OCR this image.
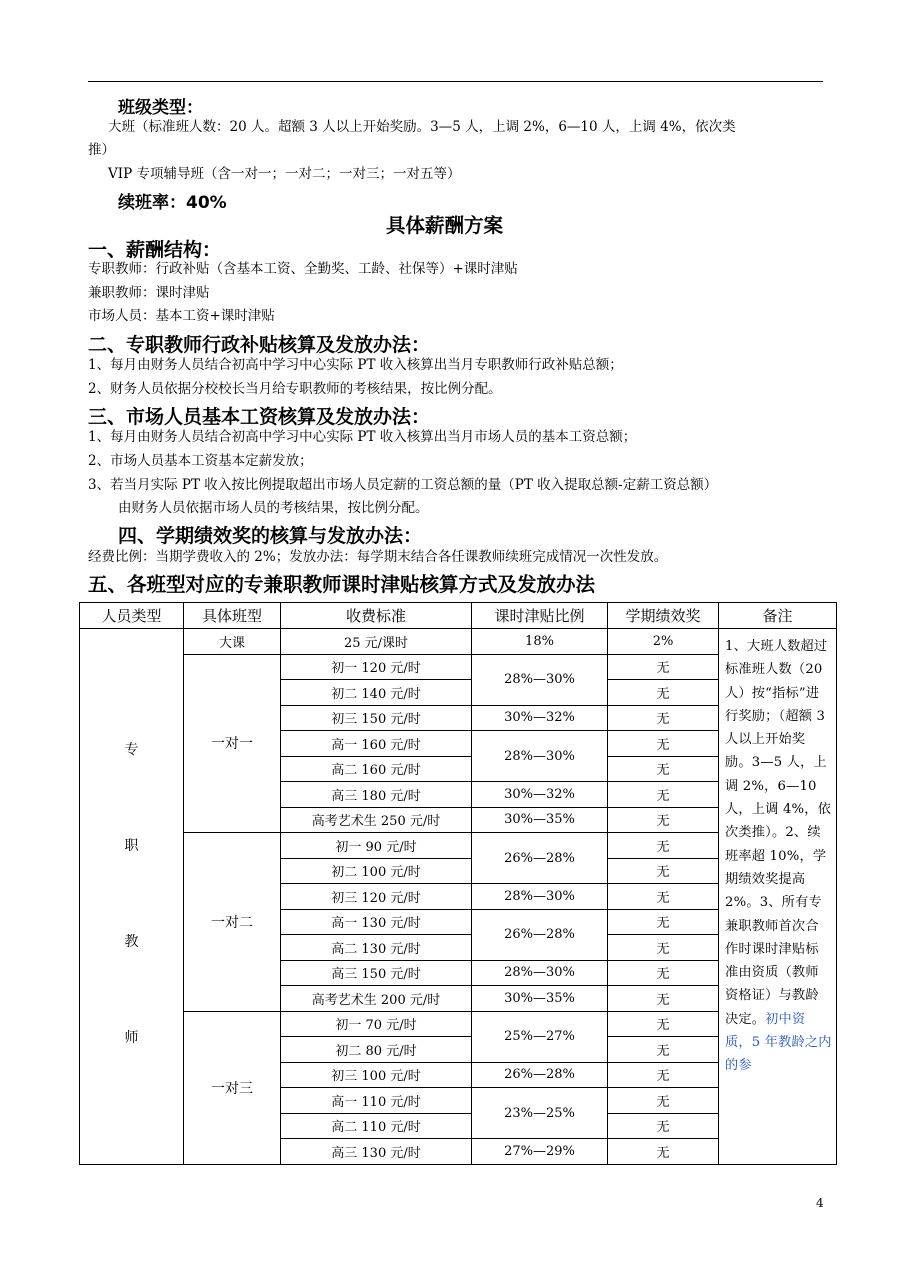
班级类型：
大班（标准班人数：20 人。超额 3 人以上开始奖励。3—5 人，上调 2%，6—10 人，上调 4%，依次类
推）
VIP 专项辅导班（含一对一；一对二；一对三；一对五等）
续班率：40%
具体薪酬方案
一、薪酬结构：
专职教师：行政补贴（含基本工资、全勤奖、工龄、社保等）+课时津贴
兼职教师：课时津贴
市场人员：基本工资+课时津贴
二、专职教师行政补贴核算及发放办法：
1、每月由财务人员结合初高中学习中心实际 PT 收入核算出当月专职教师行政补贴总额；
2、财务人员依据分校校长当月给专职教师的考核结果，按比例分配。
三、市场人员基本工资核算及发放办法：
1、每月由财务人员结合初高中学习中心实际 PT 收入核算出当月市场人员的基本工资总额；
2、市场人员基本工资基本定薪发放；
3、若当月实际 PT 收入按比例提取超出市场人员定薪的工资总额的量（PT 收入提取总额-定薪工资总额）
由财务人员依据市场人员的考核结果，按比例分配。
四、学期绩效奖的核算与发放办法：
经费比例：当期学费收入的 2%；发放办法：每学期末结合各任课教师续班完成情况一次性发放。
五、各班型对应的专兼职教师课时津贴核算方式及发放办法
人员类型	具体班型	收费标准	课时津贴比例	学期绩效奖	备注

专
职
教
师	大课	25 元/课时	18%	2%	1、大班人数超过标准班人数（20 人）按“指标”进行奖励；（超额 3 人以上开始奖励。3—5 人，上调 2%，6—10 人，上调 4%，依次类推）。2、续班率超 10%，学期绩效奖提高 2%。3、所有专兼职教师首次合作时课时津贴标准由资质（教师资格证）与教龄决定。初中资质，5 年教龄之内的参
	一对一	初一 120 元/时	28%—30%	无	
		初二 140 元/时		无	
		初三 150 元/时	30%—32%	无	
		高一 160 元/时	28%—30%	无	
		高二 160 元/时		无	
		高三 180 元/时	30%—32%	无	
		高考艺术生 250 元/时	30%—35%	无	
	一对二	初一 90 元/时	26%—28%	无	
		初二 100 元/时		无	
		初三 120 元/时	28%—30%	无	
		高一 130 元/时	26%—28%	无	
		高二 130 元/时		无	
		高三 150 元/时	28%—30%	无	
		高考艺术生 200 元/时	30%—35%	无	
	一对三	初一 70 元/时	25%—27%	无	
		初二 80 元/时		无	
		初三 100 元/时	26%—28%	无	
		高一 110 元/时	23%—25%	无	
		高二 110 元/时		无	
		高三 130 元/时	27%—29%	无	
4
